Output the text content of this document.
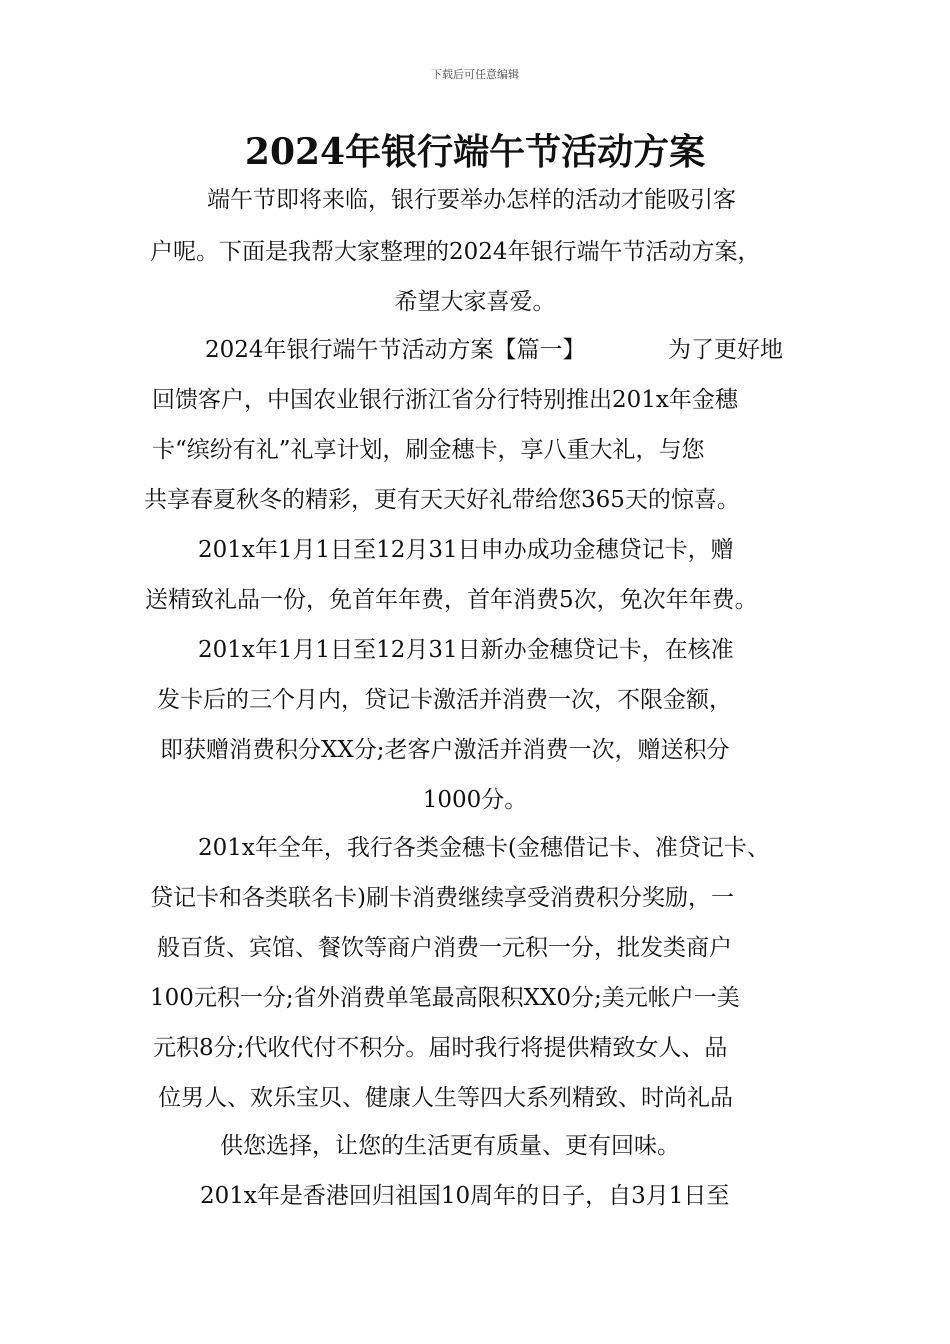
下载后可任意编辑
2024年银行端午节活动方案
端午节即将来临，银行要举办怎样的活动才能吸引客
户呢。下面是我帮大家整理的2024年银行端午节活动方案，
希望大家喜爱。
2024年银行端午节活动方案【篇一】	为了更好地
回馈客户，中国农业银行浙江省分行特别推出201x年金穗
卡“缤纷有礼”礼享计划，刷金穗卡，享八重大礼，与您
共享春夏秋冬的精彩，更有天天好礼带给您365天的惊喜。
201x年1月1日至12月31日申办成功金穗贷记卡，赠
送精致礼品一份，免首年年费，首年消费5次，免次年年费。
201x年1月1日至12月31日新办金穗贷记卡，在核准
发卡后的三个月内，贷记卡激活并消费一次，不限金额，
即获赠消费积分XX分;老客户激活并消费一次，赠送积分
1000分。
201x年全年，我行各类金穗卡(金穗借记卡、准贷记卡、
贷记卡和各类联名卡)刷卡消费继续享受消费积分奖励，一
般百货、宾馆、餐饮等商户消费一元积一分，批发类商户
100元积一分;省外消费单笔最高限积XX0分;美元帐户一美
元积8分;代收代付不积分。届时我行将提供精致女人、品
位男人、欢乐宝贝、健康人生等四大系列精致、时尚礼品
供您选择，让您的生活更有质量、更有回味。
201x年是香港回归祖国10周年的日子，自3月1日至
